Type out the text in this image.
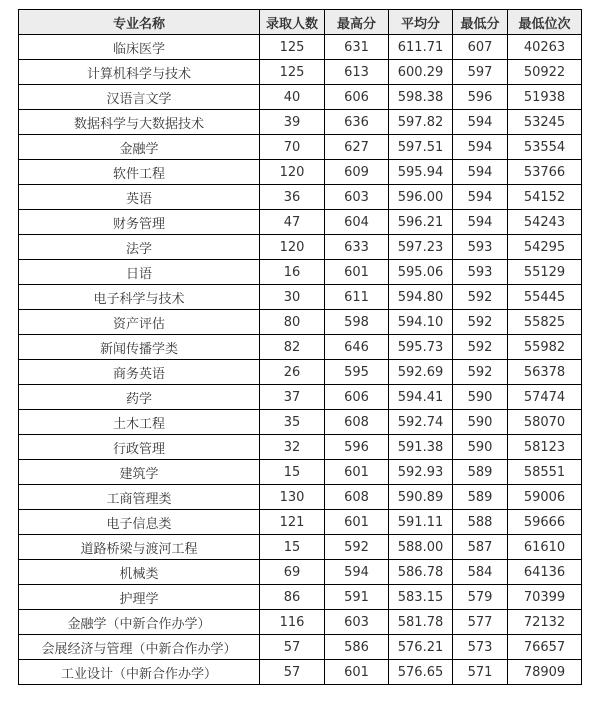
专业名称	录取人数	最高分	平均分	最低分	最低位次
临床医学	125	631	611.71	607	40263
计算机科学与技术	125	613	600.29	597	50922
汉语言文学	40	606	598.38	596	51938
数据科学与大数据技术	39	636	597.82	594	53245
金融学	70	627	597.51	594	53554
软件工程	120	609	595.94	594	53766
英语	36	603	596.00	594	54152
财务管理	47	604	596.21	594	54243
法学	120	633	597.23	593	54295
日语	16	601	595.06	593	55129
电子科学与技术	30	611	594.80	592	55445
资产评估	80	598	594.10	592	55825
新闻传播学类	82	646	595.73	592	55982
商务英语	26	595	592.69	592	56378
药学	37	606	594.41	590	57474
土木工程	35	608	592.74	590	58070
行政管理	32	596	591.38	590	58123
建筑学	15	601	592.93	589	58551
工商管理类	130	608	590.89	589	59006
电子信息类	121	601	591.11	588	59666
道路桥梁与渡河工程	15	592	588.00	587	61610
机械类	69	594	586.78	584	64136
护理学	86	591	583.15	579	70399
金融学（中新合作办学）	116	603	581.78	577	72132
会展经济与管理（中新合作办学）	57	586	576.21	573	76657
工业设计（中新合作办学）	57	601	576.65	571	78909
